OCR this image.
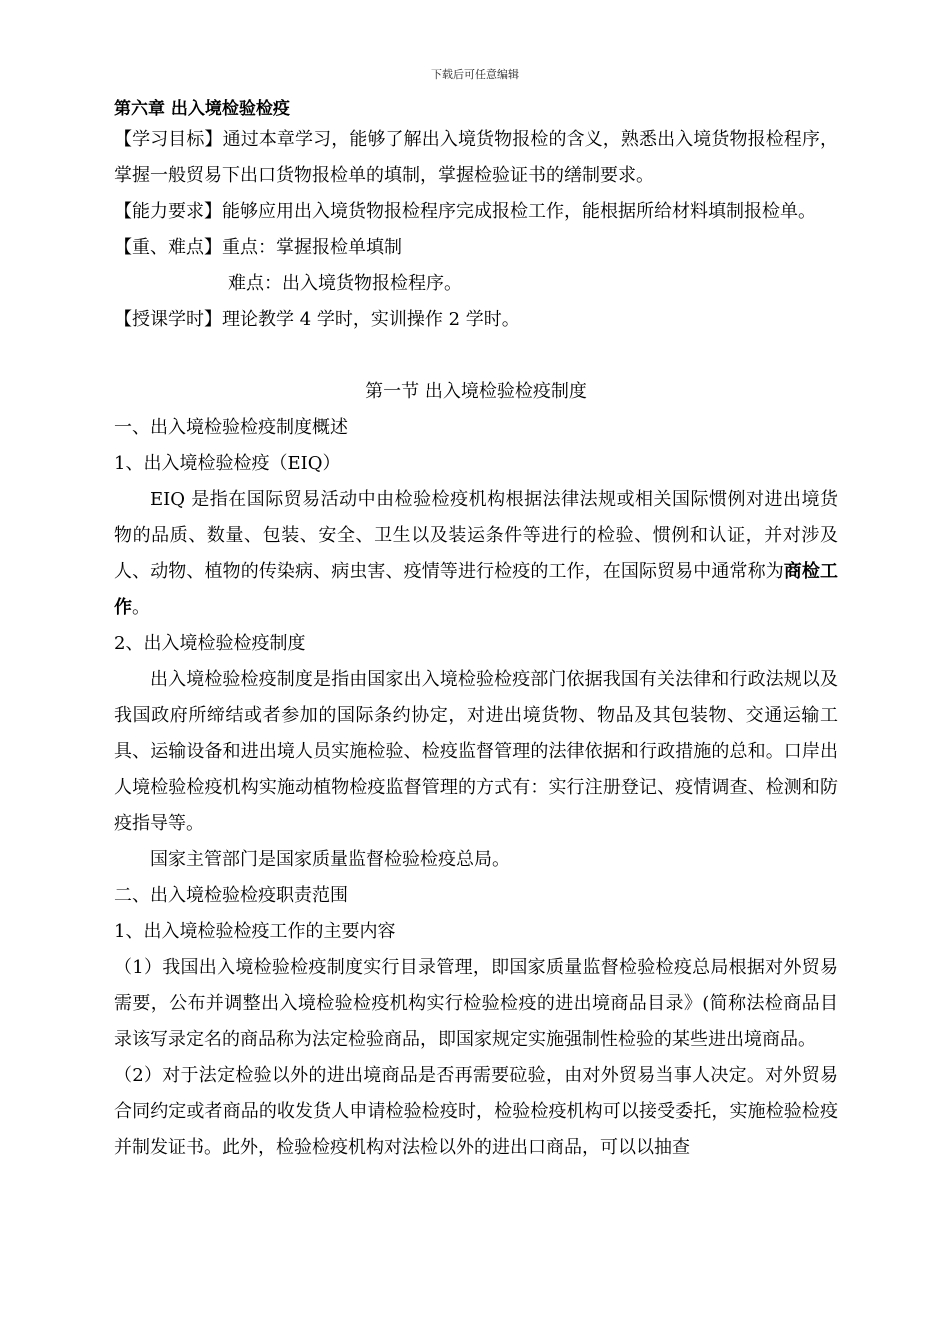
下载后可任意编辑

第六章 出入境检验检疫

【学习目标】通过本章学习，能够了解出入境货物报检的含义，熟悉出入境货物报检程序，掌握一般贸易下出口货物报检单的填制，掌握检验证书的缮制要求。

【能力要求】能够应用出入境货物报检程序完成报检工作，能根据所给材料填制报检单。

【重、难点】重点：掌握报检单填制

难点：出入境货物报检程序。

【授课学时】理论教学 4 学时，实训操作 2 学时。

第一节 出入境检验检疫制度

一、出入境检验检疫制度概述

1、出入境检验检疫（EIQ）

EIQ 是指在国际贸易活动中由检验检疫机构根据法律法规或相关国际惯例对进出境货物的品质、数量、包装、安全、卫生以及装运条件等进行的检验、惯例和认证，并对涉及人、动物、植物的传染病、病虫害、疫情等进行检疫的工作，在国际贸易中通常称为商检工作。

2、出入境检验检疫制度

出入境检验检疫制度是指由国家出入境检验检疫部门依据我国有关法律和行政法规以及我国政府所缔结或者参加的国际条约协定，对进出境货物、物品及其包装物、交通运输工具、运输设备和进出境人员实施检验、检疫监督管理的法律依据和行政措施的总和。口岸出人境检验检疫机构实施动植物检疫监督管理的方式有：实行注册登记、疫情调查、检测和防疫指导等。

国家主管部门是国家质量监督检验检疫总局。

二、出入境检验检疫职责范围

1、出入境检验检疫工作的主要内容

（1）我国出入境检验检疫制度实行目录管理，即国家质量监督检验检疫总局根据对外贸易需要，公布并调整出入境检验检疫机构实行检验检疫的进出境商品目录》(简称法检商品目录该写录定名的商品称为法定检验商品，即国家规定实施强制性检验的某些进出境商品。

（2）对于法定检验以外的进出境商品是否再需要砬验，由对外贸易当事人决定。对外贸易合同约定或者商品的收发货人申请检验检疫时，检验检疫机构可以接受委托，实施检验检疫并制发证书。此外，检验检疫机构对法检以外的进出口商品，可以以抽查
